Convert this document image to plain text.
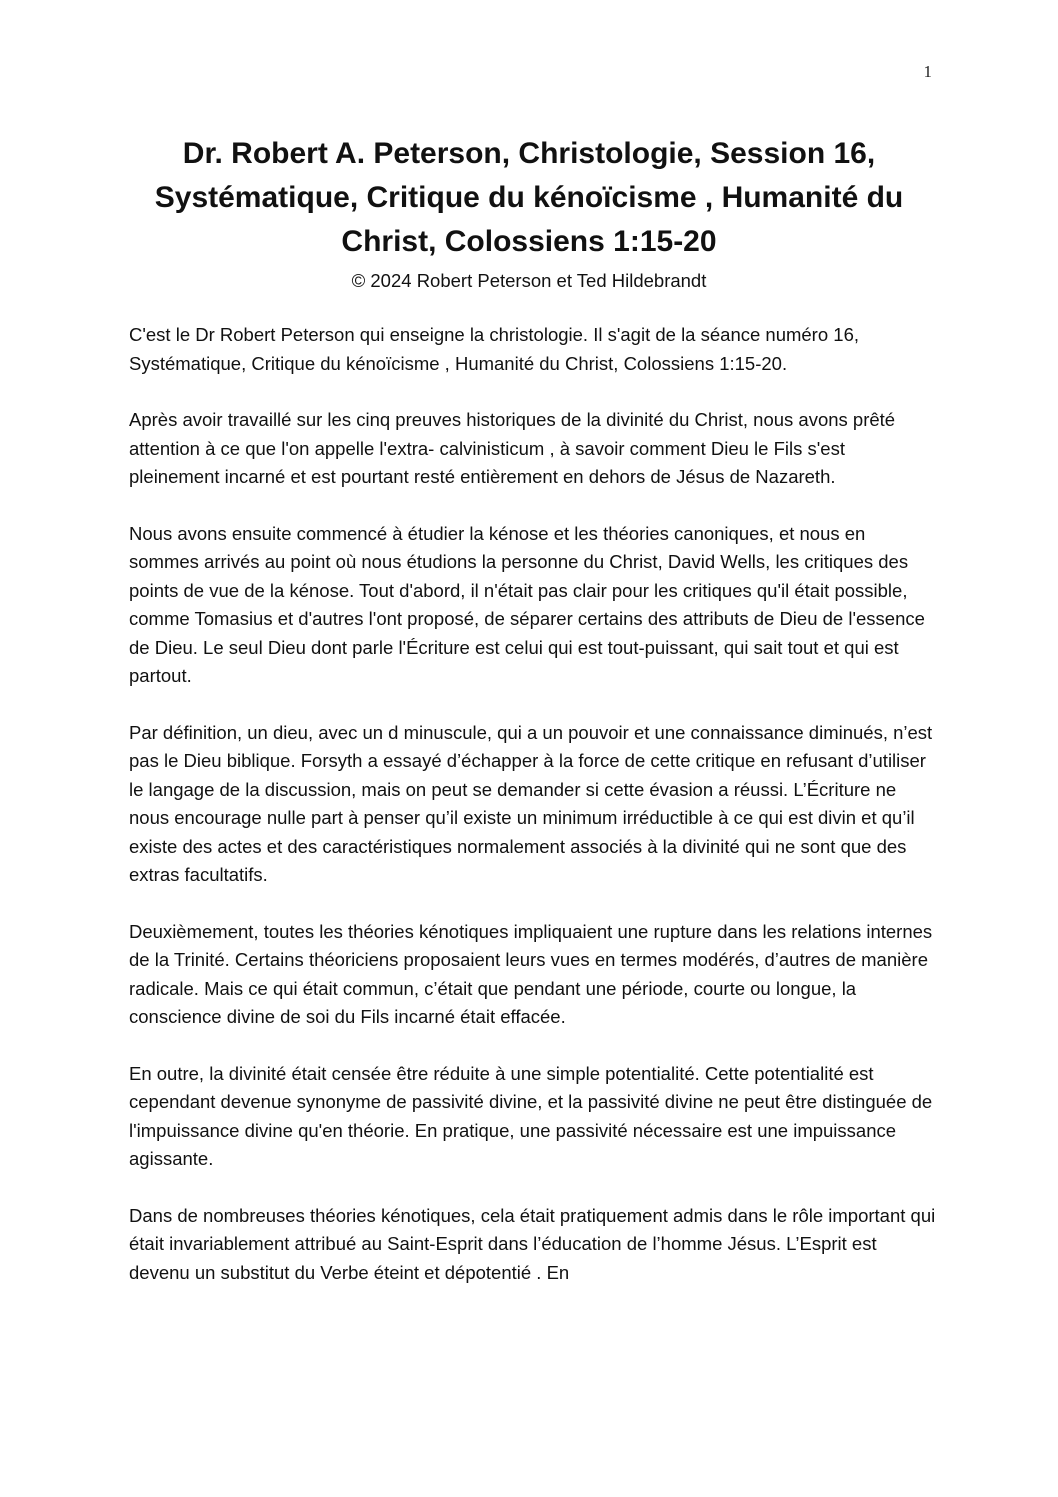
1
Dr. Robert A. Peterson, Christologie, Session 16, Systématique, Critique du kénoïcisme , Humanité du Christ, Colossiens 1:15-20
© 2024 Robert Peterson et Ted Hildebrandt

C'est le Dr Robert Peterson qui enseigne la christologie. Il s'agit de la séance numéro 16, Systématique, Critique du kénoïcisme , Humanité du Christ, Colossiens 1:15-20.

Après avoir travaillé sur les cinq preuves historiques de la divinité du Christ, nous avons prêté attention à ce que l'on appelle l'extra- calvinisticum , à savoir comment Dieu le Fils s'est pleinement incarné et est pourtant resté entièrement en dehors de Jésus de Nazareth.

Nous avons ensuite commencé à étudier la kénose et les théories canoniques, et nous en sommes arrivés au point où nous étudions la personne du Christ, David Wells, les critiques des points de vue de la kénose. Tout d'abord, il n'était pas clair pour les critiques qu'il était possible, comme Tomasius et d'autres l'ont proposé, de séparer certains des attributs de Dieu de l'essence de Dieu. Le seul Dieu dont parle l'Écriture est celui qui est tout-puissant, qui sait tout et qui est partout.

Par définition, un dieu, avec un d minuscule, qui a un pouvoir et une connaissance diminués, n’est pas le Dieu biblique. Forsyth a essayé d’échapper à la force de cette critique en refusant d’utiliser le langage de la discussion, mais on peut se demander si cette évasion a réussi. L’Écriture ne nous encourage nulle part à penser qu’il existe un minimum irréductible à ce qui est divin et qu’il existe des actes et des caractéristiques normalement associés à la divinité qui ne sont que des extras facultatifs.

Deuxièmement, toutes les théories kénotiques impliquaient une rupture dans les relations internes de la Trinité. Certains théoriciens proposaient leurs vues en termes modérés, d’autres de manière radicale. Mais ce qui était commun, c’était que pendant une période, courte ou longue, la conscience divine de soi du Fils incarné était effacée.

En outre, la divinité était censée être réduite à une simple potentialité. Cette potentialité est cependant devenue synonyme de passivité divine, et la passivité divine ne peut être distinguée de l'impuissance divine qu'en théorie. En pratique, une passivité nécessaire est une impuissance agissante.

Dans de nombreuses théories kénotiques, cela était pratiquement admis dans le rôle important qui était invariablement attribué au Saint-Esprit dans l’éducation de l’homme Jésus. L’Esprit est devenu un substitut du Verbe éteint et dépotentié . En
